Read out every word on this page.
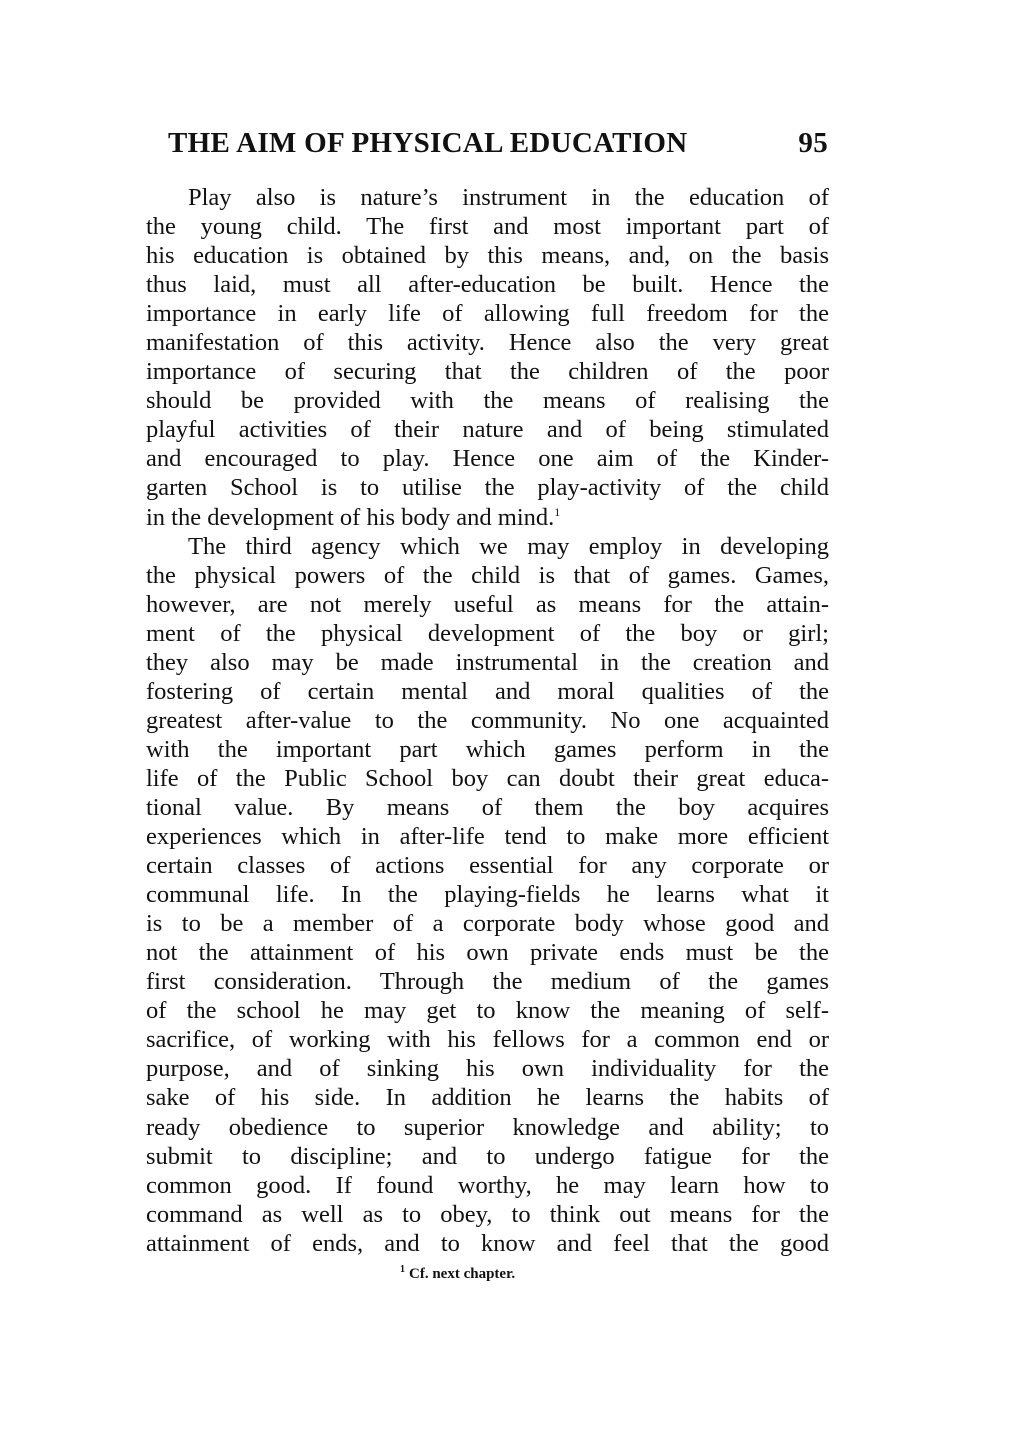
THE AIM OF PHYSICAL EDUCATION	95
Play also is nature’s instrument in the education of
the young child. The first and most important part of
his education is obtained by this means, and, on the basis
thus laid, must all after-education be built. Hence the
importance in early life of allowing full freedom for the
manifestation of this activity. Hence also the very great
importance of securing that the children of the poor
should be provided with the means of realising the
playful activities of their nature and of being stimulated
and encouraged to play. Hence one aim of the Kinder-
garten School is to utilise the play-activity of the child
in the development of his body and mind.$^1$
The third agency which we may employ in developing
the physical powers of the child is that of games. Games,
however, are not merely useful as means for the attain-
ment of the physical development of the boy or girl;
they also may be made instrumental in the creation and
fostering of certain mental and moral qualities of the
greatest after-value to the community. No one acquainted
with the important part which games perform in the
life of the Public School boy can doubt their great educa-
tional value. By means of them the boy acquires
experiences which in after-life tend to make more efficient
certain classes of actions essential for any corporate or
communal life. In the playing-fields he learns what it
is to be a member of a corporate body whose good and
not the attainment of his own private ends must be the
first consideration. Through the medium of the games
of the school he may get to know the meaning of self-
sacrifice, of working with his fellows for a common end or
purpose, and of sinking his own individuality for the
sake of his side. In addition he learns the habits of
ready obedience to superior knowledge and ability; to
submit to discipline; and to undergo fatigue for the
common good. If found worthy, he may learn how to
command as well as to obey, to think out means for the
attainment of ends, and to know and feel that the good
$^1$ Cf. next chapter.
